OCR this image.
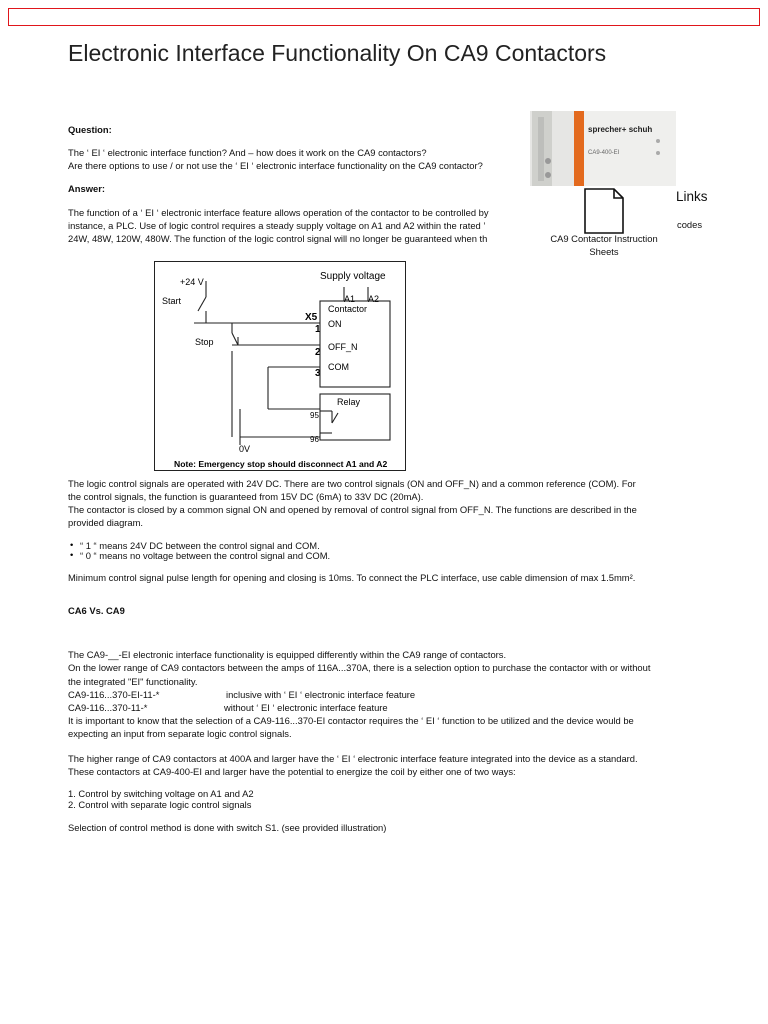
Electronic Interface Functionality On CA9 Contactors
Question:
The ‘ EI ‘ electronic interface function? And – how does it work on the CA9 contactors?
Are there options to use / or not use the ‘ EI ‘ electronic interface functionality on the CA9 contactor?
Answer:
The function of a ‘ EI ‘ electronic interface feature allows operation of the contactor to be controlled by
instance, a PLC. Use of logic control requires a steady supply voltage on A1 and A2 within the rated ’
24W, 48W, 120W, 480W. The function of the logic control signal will no longer be guaranteed when th
sprecher+ schuh
CA9-400-EI
Links
codes
CA9 Contactor Instruction Sheets
Supply voltage
+24 V
Start
Stop
A1 A2
Contactor
X5
1
2
3
ON
OFF_N
COM
Relay
95
96
0V
Note: Emergency stop should disconnect A1 and A2
The logic control signals are operated with 24V DC. There are two control signals (ON and OFF_N) and a common reference (COM). For
the control signals, the function is guaranteed from 15V DC (6mA) to 33V DC (20mA).
The contactor is closed by a common signal ON and opened by removal of control signal from OFF_N. The functions are described in the
provided diagram.
• “ 1 “ means 24V DC between the control signal and COM.
• “ 0 “ means no voltage between the control signal and COM.
Minimum control signal pulse length for opening and closing is 10ms. To connect the PLC interface, use cable dimension of max 1.5mm².
CA6 Vs. CA9
The CA9-__-EI electronic interface functionality is equipped differently within the CA9 range of contactors.
On the lower range of CA9 contactors between the amps of 116A...370A, there is a selection option to purchase the contactor with or without
the integrated "EI" functionality.
CA9-116...370-EI-11-*	inclusive with ‘ EI ‘ electronic interface feature
CA9-116...370-11-*	without ‘ EI ‘ electronic interface feature
It is important to know that the selection of a CA9-116...370-EI contactor requires the ‘ EI ‘ function to be utilized and the device would be
expecting an input from separate logic control signals.
The higher range of CA9 contactors at 400A and larger have the ‘ EI ‘ electronic interface feature integrated into the device as a standard.
These contactors at CA9-400-EI and larger have the potential to energize the coil by either one of two ways:
1. Control by switching voltage on A1 and A2
2. Control with separate logic control signals
Selection of control method is done with switch S1. (see provided illustration)
